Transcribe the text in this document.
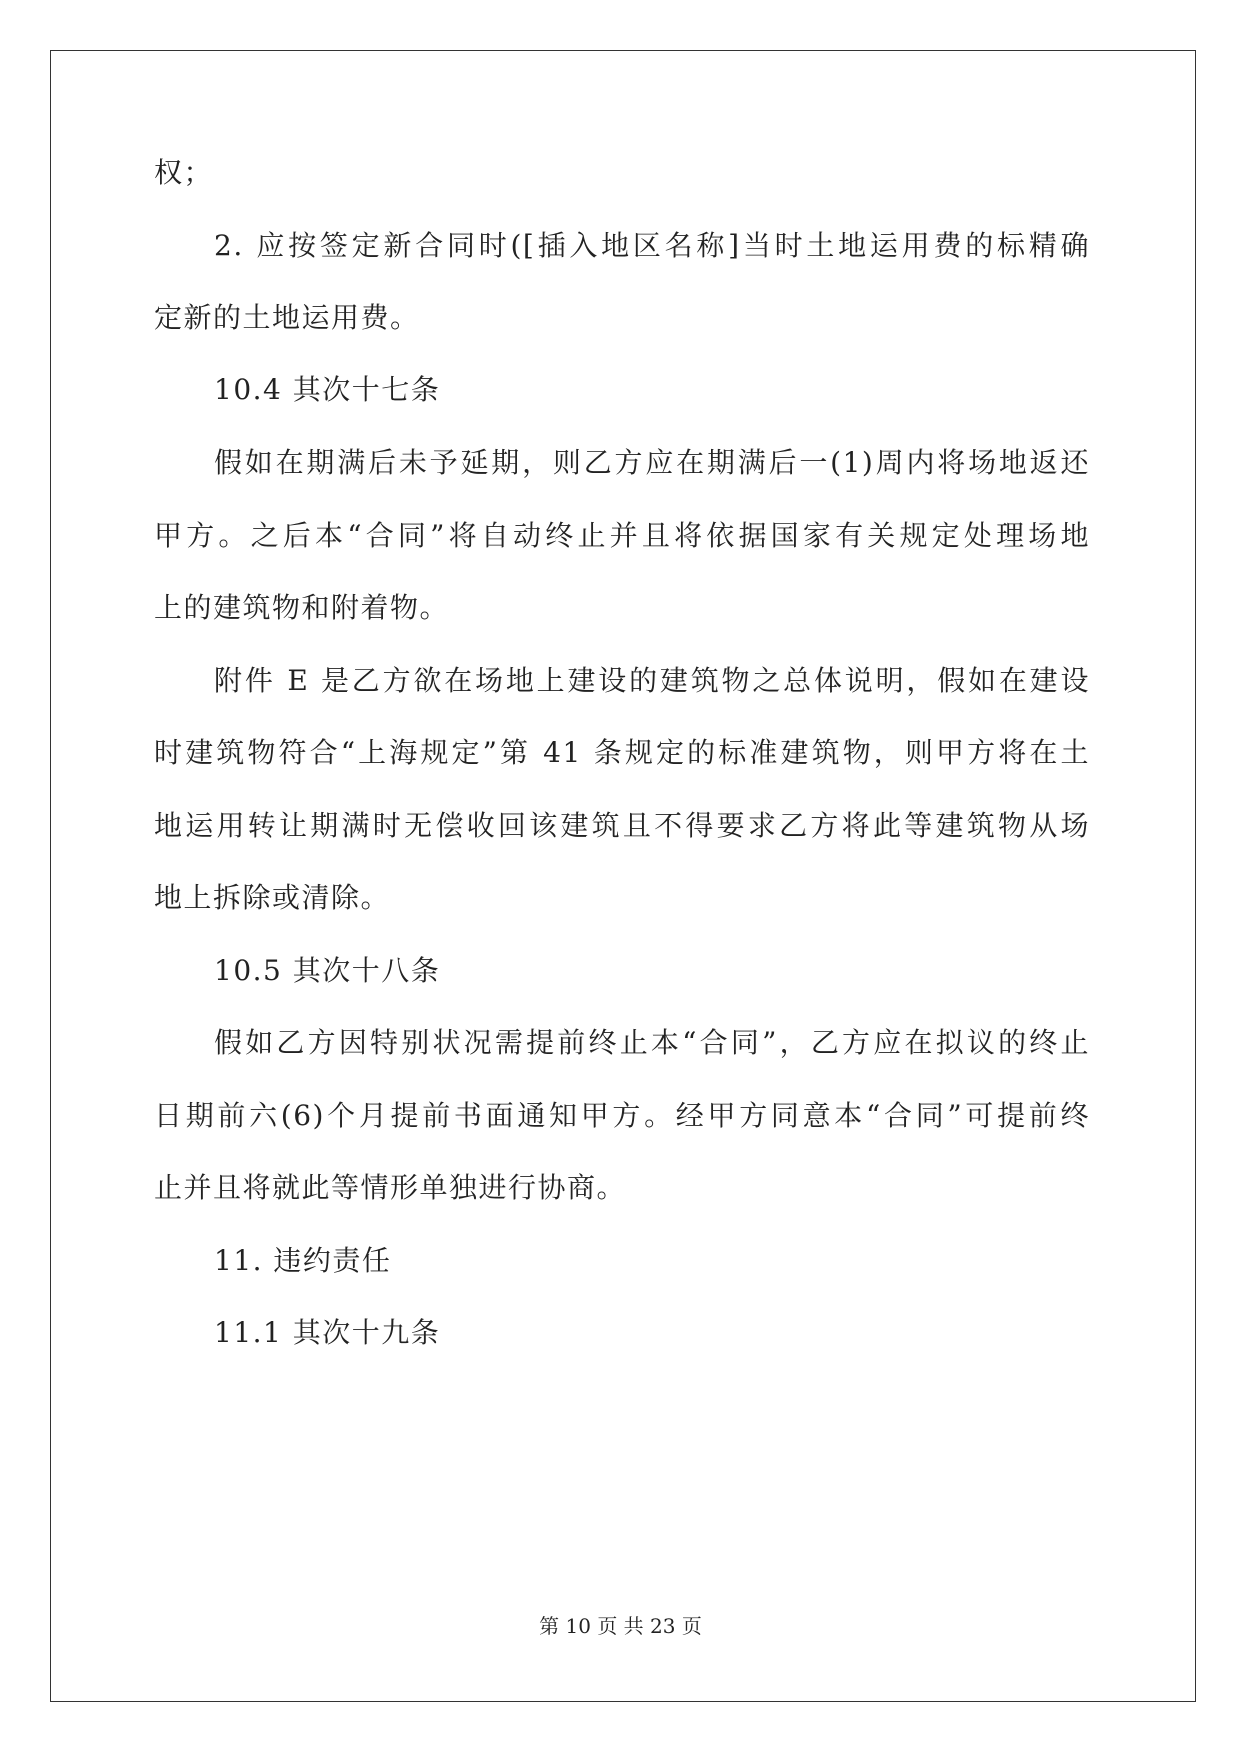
权；
2. 应按签定新合同时([插入地区名称]当时土地运用费的标精确
定新的土地运用费。
10.4 其次十七条
假如在期满后未予延期，则乙方应在期满后一(1)周内将场地返还
甲方。之后本“合同”将自动终止并且将依据国家有关规定处理场地
上的建筑物和附着物。
附件 E 是乙方欲在场地上建设的建筑物之总体说明，假如在建设
时建筑物符合“上海规定”第 41 条规定的标准建筑物，则甲方将在土
地运用转让期满时无偿收回该建筑且不得要求乙方将此等建筑物从场
地上拆除或清除。
10.5 其次十八条
假如乙方因特别状况需提前终止本“合同”，乙方应在拟议的终止
日期前六(6)个月提前书面通知甲方。经甲方同意本“合同”可提前终
止并且将就此等情形单独进行协商。
11. 违约责任
11.1 其次十九条
第 10 页 共 23 页
